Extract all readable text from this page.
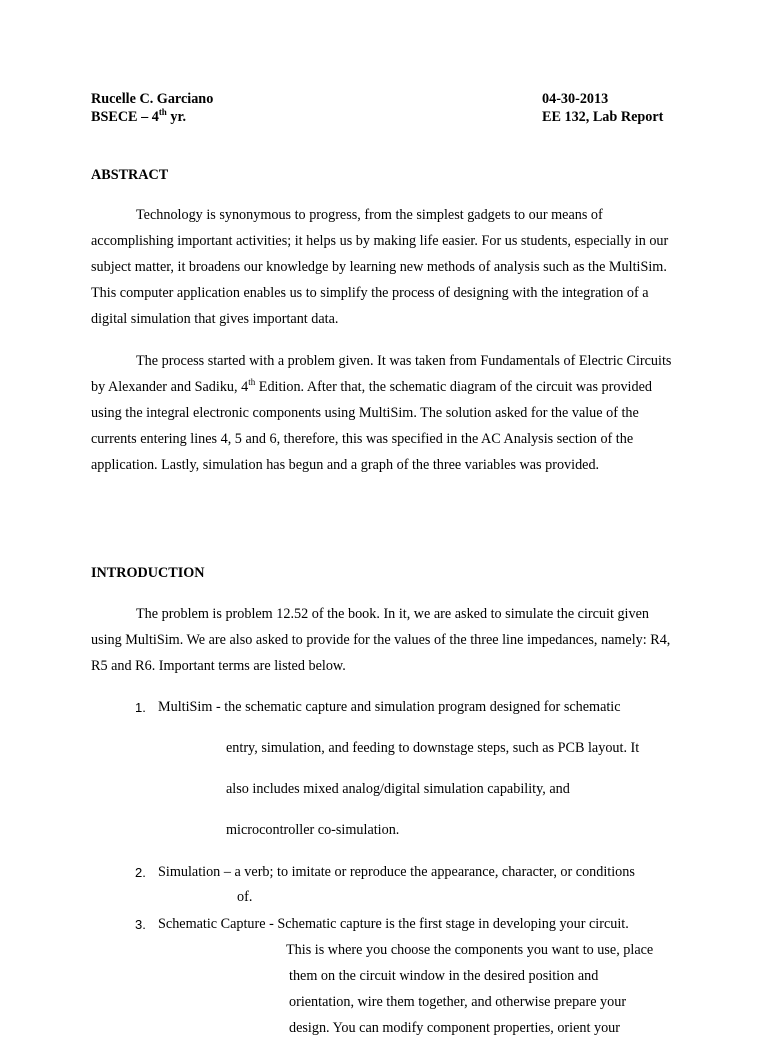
Rucelle C. Garciano
BSECE – 4th yr.
04-30-2013
EE 132, Lab Report
ABSTRACT
Technology is synonymous to progress, from the simplest gadgets to our means of accomplishing important activities; it helps us by making life easier. For us students, especially in our subject matter, it broadens our knowledge by learning new methods of analysis such as the MultiSim. This computer application enables us to simplify the process of designing with the integration of a digital simulation that gives important data.
The process started with a problem given. It was taken from Fundamentals of Electric Circuits by Alexander and Sadiku, 4th Edition. After that, the schematic diagram of the circuit was provided using the integral electronic components using MultiSim. The solution asked for the value of the currents entering lines 4, 5 and 6, therefore, this was specified in the AC Analysis section of the application. Lastly, simulation has begun and a graph of the three variables was provided.
INTRODUCTION
The problem is problem 12.52 of the book. In it, we are asked to simulate the circuit given using MultiSim. We are also asked to provide for the values of the three line impedances, namely: R4, R5 and R6. Important terms are listed below.
1. MultiSim - the schematic capture and simulation program designed for schematic
entry, simulation, and feeding to downstage steps, such as PCB layout. It
also includes mixed analog/digital simulation capability, and
microcontroller co-simulation.
2. Simulation – a verb; to imitate or reproduce the appearance, character, or conditions
of.
3. Schematic Capture - Schematic capture is the first stage in developing your circuit.
This is where you choose the components you want to use, place
them on the circuit window in the desired position and
orientation, wire them together, and otherwise prepare your
design. You can modify component properties, orient your
